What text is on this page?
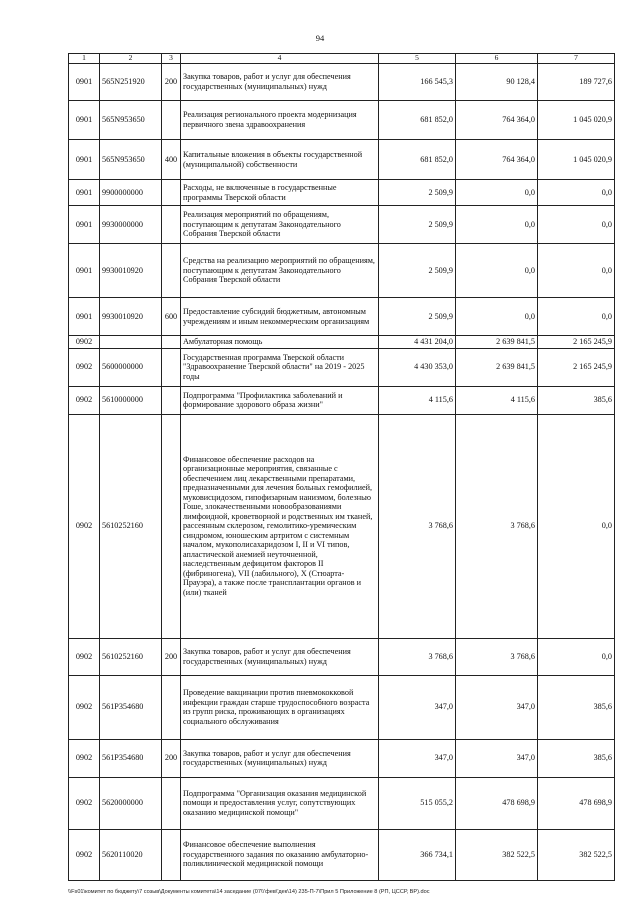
94
1	2	3	4	5	6	7
0901	565N251920	200	Закупка товаров, работ и услуг для обеспечения государственных (муниципальных) нужд	166 545,3	90 128,4	189 727,6
0901	565N953650		Реализация регионального проекта модернизация первичного звена здравоохранения	681 852,0	764 364,0	1 045 020,9
0901	565N953650	400	Капитальные вложения в объекты государственной (муниципальной) собственности	681 852,0	764 364,0	1 045 020,9
0901	9900000000		Расходы, не включенные в государственные программы Тверской области	2 509,9	0,0	0,0
0901	9930000000		Реализация мероприятий по обращениям, поступающим к депутатам Законодательного Собрания Тверской области	2 509,9	0,0	0,0
0901	9930010920		Средства на реализацию мероприятий по обращениям, поступающим к депутатам Законодательного Собрания Тверской области	2 509,9	0,0	0,0
0901	9930010920	600	Предоставление субсидий бюджетным, автономным учреждениям и иным некоммерческим организациям	2 509,9	0,0	0,0
0902			Амбулаторная помощь	4 431 204,0	2 639 841,5	2 165 245,9
0902	5600000000		Государственная программа Тверской области "Здравоохранение Тверской области" на 2019 - 2025 годы	4 430 353,0	2 639 841,5	2 165 245,9
0902	5610000000		Подпрограмма "Профилактика заболеваний и формирование здорового образа жизни"	4 115,6	4 115,6	385,6
0902	5610252160		Финансовое обеспечение расходов на организационные мероприятия, связанные с обеспечением лиц лекарственными препаратами, предназначенными для лечения больных гемофилией, муковисцидозом, гипофизарным нанизмом, болезнью Гоше, злокачественными новообразованиями лимфоидной, кроветворной и родственных им тканей, рассеянным склерозом, гемолитико-уремическим синдромом, юношеским артритом с системным началом, мукополисахаридозом I, II и VI типов, апластической анемией неуточненной, наследственным дефицитом факторов II (фибриногена), VII (лабильного), X (Стюарта-Прауэра), а также после трансплантации органов и (или) тканей	3 768,6	3 768,6	0,0
0902	5610252160	200	Закупка товаров, работ и услуг для обеспечения государственных (муниципальных) нужд	3 768,6	3 768,6	0,0
0902	561P354680		Проведение вакцинации против пневмококковой инфекции граждан старше трудоспособного возраста из групп риска, проживающих в организациях социального обслуживания	347,0	347,0	385,6
0902	561P354680	200	Закупка товаров, работ и услуг для обеспечения государственных (муниципальных) нужд	347,0	347,0	385,6
0902	5620000000		Подпрограмма "Организация оказания медицинской помощи и предоставления услуг, сопутствующих оказанию медицинской помощи"	515 055,2	478 698,9	478 698,9
0902	5620110020		Финансовое обеспечение выполнения государственного задания по оказанию амбулаторно-поликлинической медицинской помощи	366 734,1	382 522,5	382 522,5
\\Fs01\комитет по бюджету\7 созыв\Документы комитета\14 заседание (07\\'фев\'дек\14) 235-П-7\Прил 5 Приложение 8 (РП, ЦССР, ВР).doc
